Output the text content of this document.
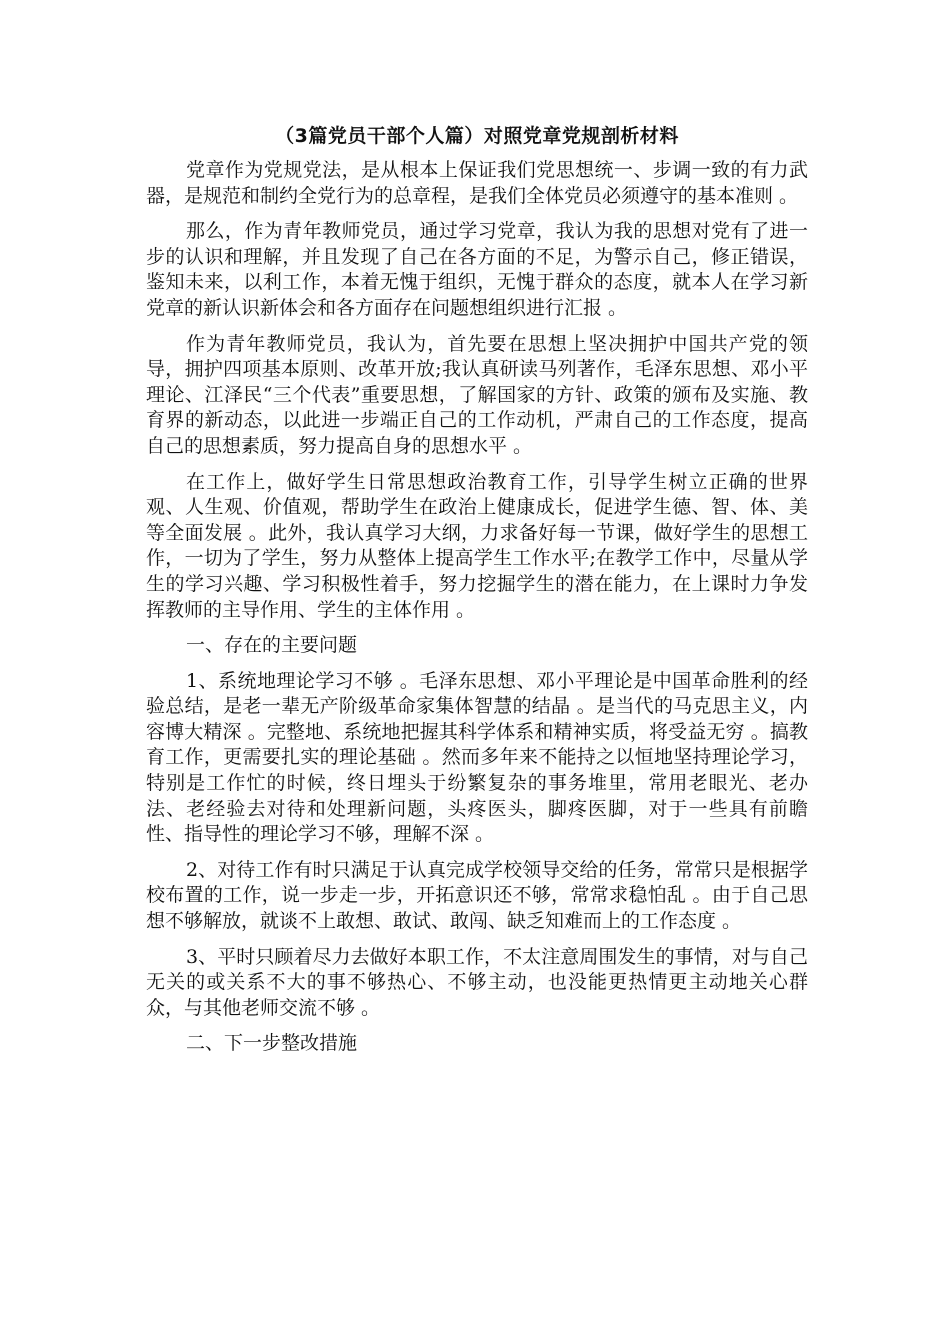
（3篇党员干部个人篇）对照党章党规剖析材料

党章作为党规党法，是从根本上保证我们党思想统一、步调一致的有力武器，是规范和制约全党行为的总章程，是我们全体党员必须遵守的基本准则 。

那么，作为青年教师党员，通过学习党章，我认为我的思想对党有了进一步的认识和理解，并且发现了自己在各方面的不足，为警示自己，修正错误，鉴知未来，以利工作，本着无愧于组织，无愧于群众的态度，就本人在学习新党章的新认识新体会和各方面存在问题想组织进行汇报 。

作为青年教师党员，我认为，首先要在思想上坚决拥护中国共产党的领导，拥护四项基本原则、改革开放;我认真研读马列著作，毛泽东思想、邓小平理论、江泽民“三个代表”重要思想，了解国家的方针、政策的颁布及实施、教育界的新动态，以此进一步端正自己的工作动机，严肃自己的工作态度，提高自己的思想素质，努力提高自身的思想水平 。

在工作上，做好学生日常思想政治教育工作，引导学生树立正确的世界观、人生观、价值观，帮助学生在政治上健康成长，促进学生德、智、体、美等全面发展 。此外，我认真学习大纲，力求备好每一节课，做好学生的思想工作，一切为了学生，努力从整体上提高学生工作水平;在教学工作中，尽量从学生的学习兴趣、学习积极性着手，努力挖掘学生的潜在能力，在上课时力争发挥教师的主导作用、学生的主体作用 。

一、存在的主要问题

1、系统地理论学习不够 。毛泽东思想、邓小平理论是中国革命胜利的经验总结，是老一辈无产阶级革命家集体智慧的结晶 。是当代的马克思主义，内容博大精深 。完整地、系统地把握其科学体系和精神实质，将受益无穷 。搞教育工作，更需要扎实的理论基础 。然而多年来不能持之以恒地坚持理论学习，特别是工作忙的时候，终日埋头于纷繁复杂的事务堆里，常用老眼光、老办法、老经验去对待和处理新问题，头疼医头，脚疼医脚，对于一些具有前瞻性、指导性的理论学习不够，理解不深 。

2、对待工作有时只满足于认真完成学校领导交给的任务，常常只是根据学校布置的工作，说一步走一步，开拓意识还不够，常常求稳怕乱 。由于自己思想不够解放，就谈不上敢想、敢试、敢闯、缺乏知难而上的工作态度 。

3、平时只顾着尽力去做好本职工作，不太注意周围发生的事情，对与自己无关的或关系不大的事不够热心、不够主动，也没能更热情更主动地关心群众，与其他老师交流不够 。

二、下一步整改措施
